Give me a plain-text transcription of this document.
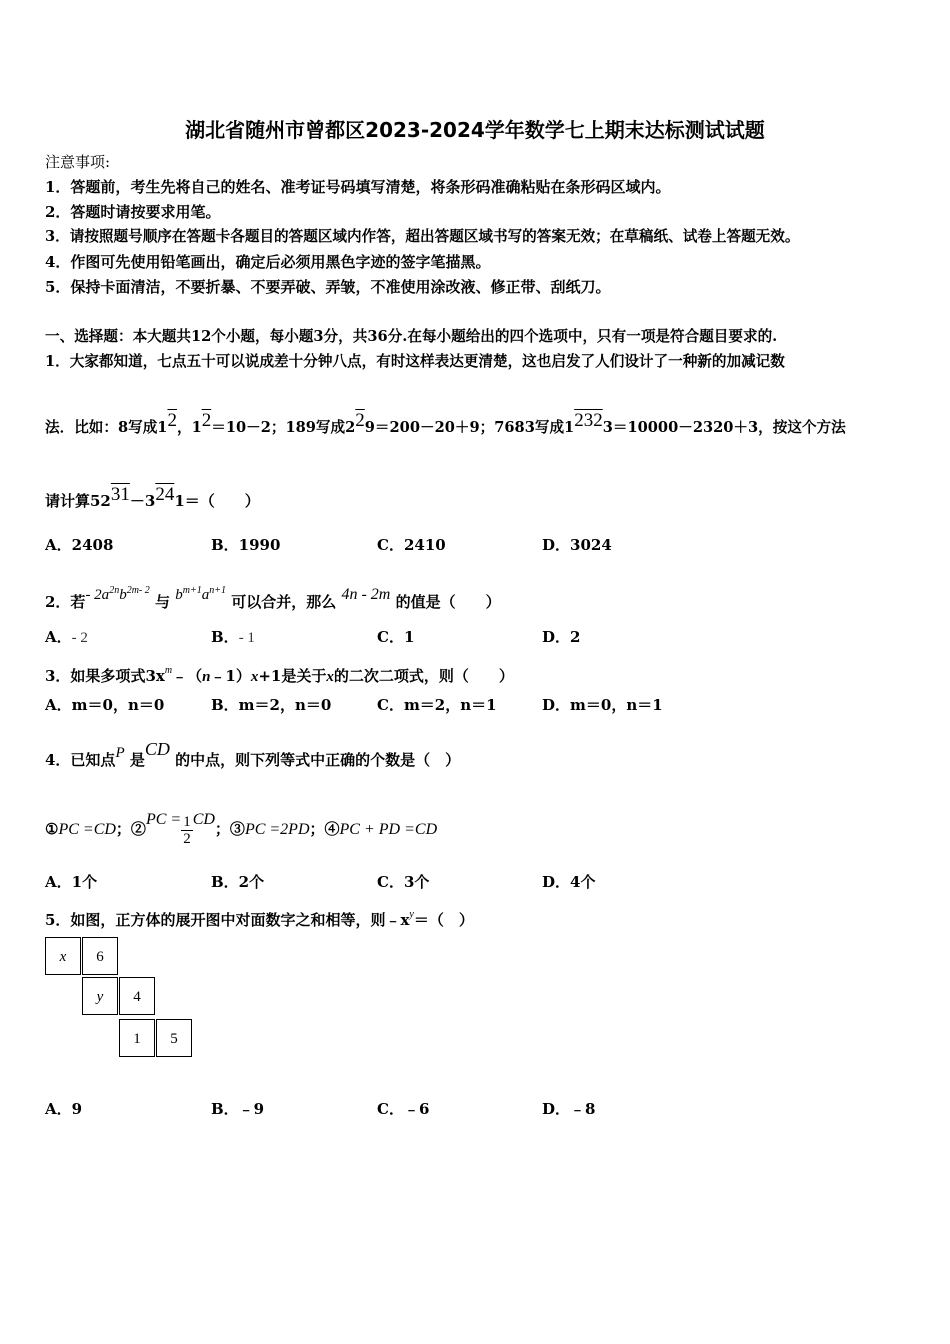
湖北省随州市曾都区2023-2024学年数学七上期末达标测试试题
注意事项:
1．答题前，考生先将自己的姓名、准考证号码填写清楚，将条形码准确粘贴在条形码区域内。
2．答题时请按要求用笔。
3．请按照题号顺序在答题卡各题目的答题区域内作答，超出答题区域书写的答案无效；在草稿纸、试卷上答题无效。
4．作图可先使用铅笔画出，确定后必须用黑色字迹的签字笔描黑。
5．保持卡面清洁，不要折暴、不要弄破、弄皱，不准使用涂改液、修正带、刮纸刀。
一、选择题：本大题共12个小题，每小题3分，共36分.在每小题给出的四个选项中，只有一项是符合题目要求的.
1．大家都知道，七点五十可以说成差十分钟八点，有时这样表达更清楚，这也启发了人们设计了一种新的加减记数
法．比如：8写成12，12＝10－2；189写成229＝200－20＋9；7683写成12323＝10000－2320＋3，按这个方法
请计算5231－3241＝（　　）
A．2408	B．1990	C．2410	D．3024
2．若- $2a^{2n}b^{2m- 2}$ 与 $b^{m+1}a^{n+1}$ 可以合并，那么 4n - 2m 的值是（　　）
A．- 2	B．- 1	C．1	D．2
3．如果多项式$3x^m﹣(n﹣1)x+1$是关于x的二次二项式，则（　　）
A．m＝0，n＝0	B．m＝2，n＝0	C．m＝2，n＝1	D．m＝0，n＝1
4．已知点P 是CD 的中点，则下列等式中正确的个数是（　）
①PC =CD；②PC = $\frac{1}{2}$ CD；③PC =2PD；④PC + PD =CD
A．1个	B．2个	C．3个	D．4个
5．如图，正方体的展开图中对面数字之和相等，则$﹣x^y=$（　）
x	6
y	4
1	5
A．9	B．﹣9	C．﹣6	D．﹣8
